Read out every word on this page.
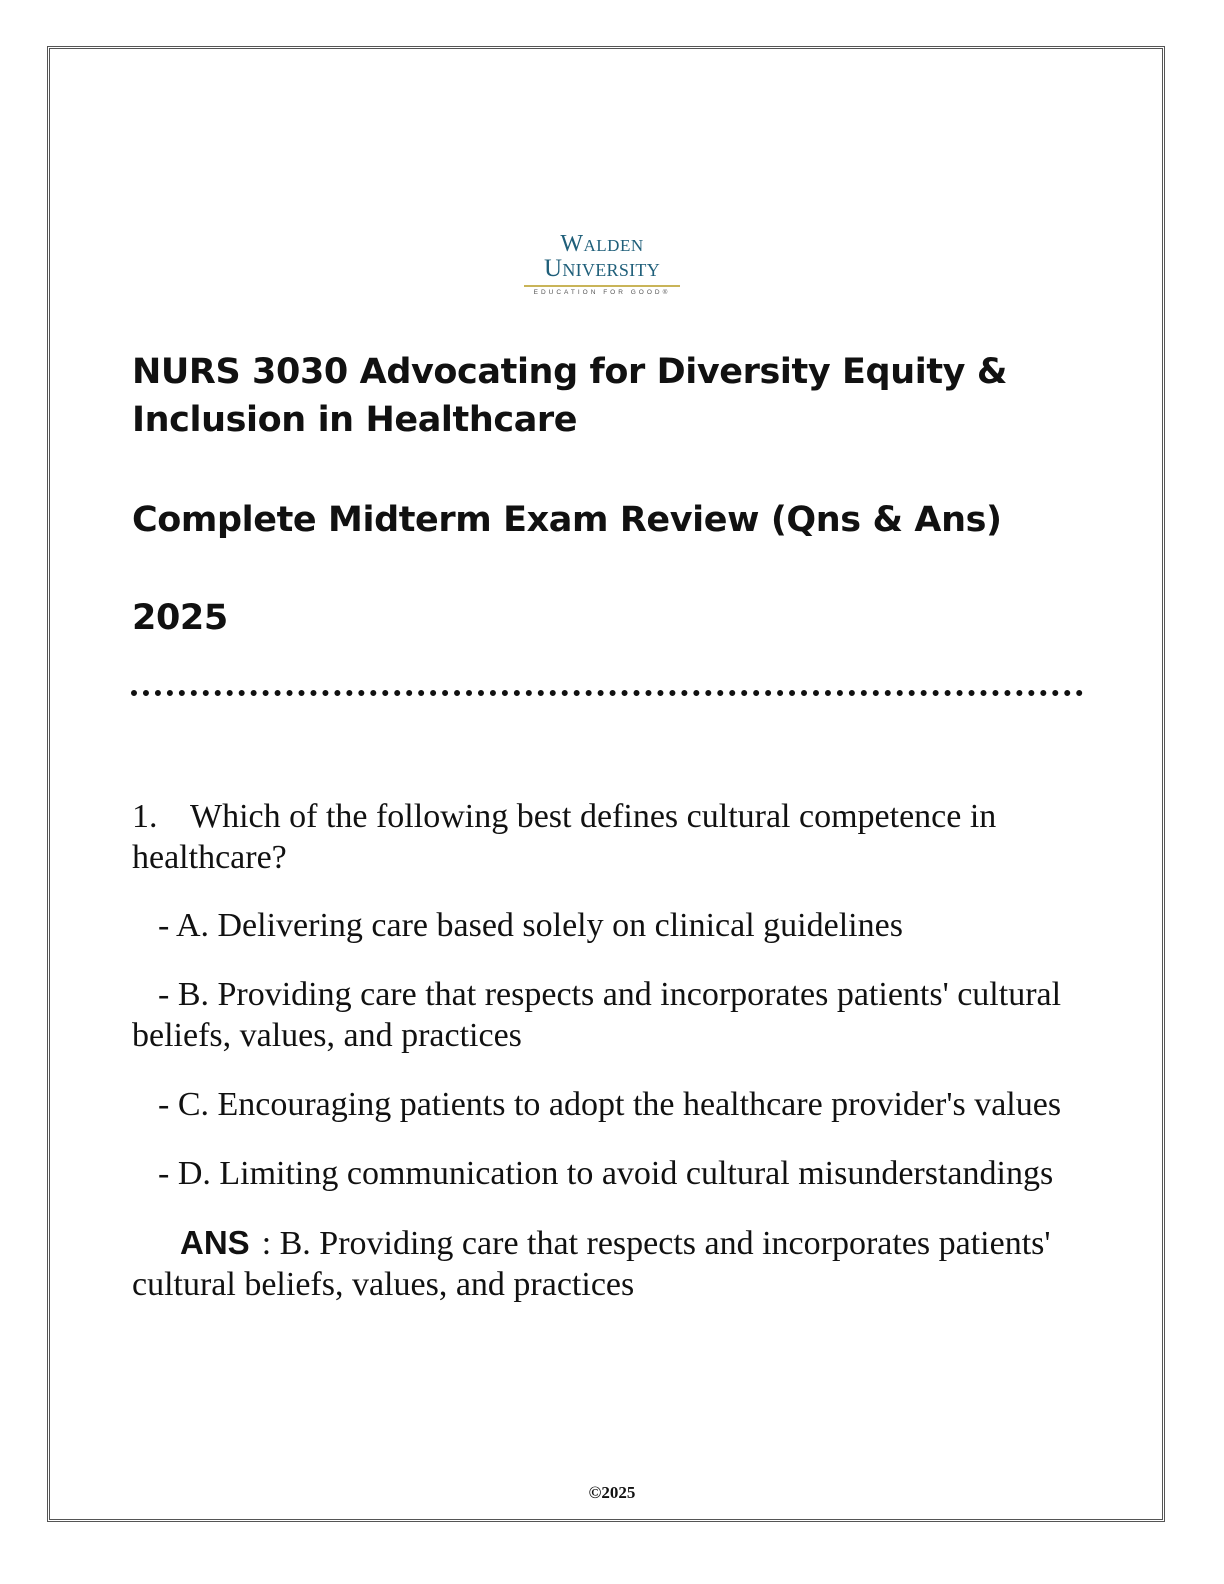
Walden
University
EDUCATION FOR GOOD®
NURS 3030 Advocating for Diversity Equity & Inclusion in Healthcare
Complete Midterm Exam Review (Qns & Ans)
2025

1. Which of the following best defines cultural competence in healthcare?

- A. Delivering care based solely on clinical guidelines

- B. Providing care that respects and incorporates patients' cultural beliefs, values, and practices

- C. Encouraging patients to adopt the healthcare provider's values

- D. Limiting communication to avoid cultural misunderstandings

ANS : B. Providing care that respects and incorporates patients' cultural beliefs, values, and practices

©2025
